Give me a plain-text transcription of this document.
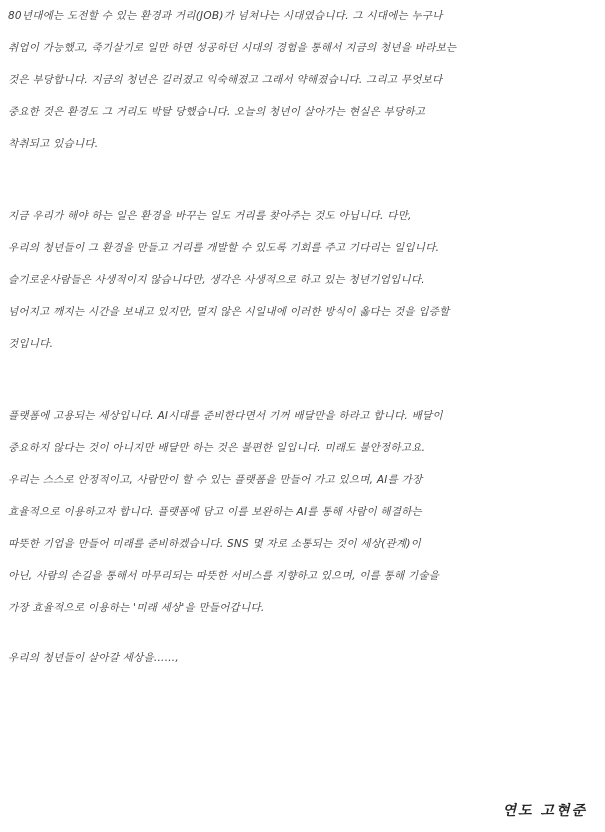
80년대에는 도전할 수 있는 환경과 거리(JOB)가 넘쳐나는 시대였습니다. 그 시대에는 누구나
취업이 가능했고, 죽기살기로 일만 하면 성공하던 시대의 경험을 통해서 지금의 청년을 바라보는
것은 부당합니다. 지금의 청년은 길러졌고 익숙해졌고 그래서 약해졌습니다. 그리고 무엇보다
중요한 것은 환경도 그 거리도 박탈 당했습니다. 오늘의 청년이 살아가는 현실은 부당하고
착취되고 있습니다.
지금 우리가 해야 하는 일은 환경을 바꾸는 일도 거리를 찾아주는 것도 아닙니다. 다만,
우리의 청년들이 그 환경을 만들고 거리를 개발할 수 있도록 기회를 주고 기다리는 일입니다.
슬기로운사람들은 사생적이지 않습니다만, 생각은 사생적으로 하고 있는 청년기업입니다.
넘어지고 깨지는 시간을 보내고 있지만, 멀지 않은 시일내에 이러한 방식이 옳다는 것을 입증할
것입니다.
플랫폼에 고용되는 세상입니다. AI시대를 준비한다면서 기꺼 배달만을 하라고 합니다. 배달이
중요하지 않다는 것이 아니지만 배달만 하는 것은 불편한 일입니다. 미래도 불안정하고요.
우리는 스스로 안정적이고, 사람만이 할 수 있는 플랫폼을 만들어 가고 있으며, AI를 가장
효율적으로 이용하고자 합니다. 플랫폼에 담고 이를 보완하는 AI를 통해 사람이 해결하는
따뜻한 기업을 만들어 미래를 준비하겠습니다. SNS 몇 자로 소통되는 것이 세상(관계)이
아닌, 사람의 손길을 통해서 마무리되는 따뜻한 서비스를 지향하고 있으며, 이를 통해 기술을
가장 효율적으로 이용하는 '미래 세상'을 만들어갑니다.
우리의 청년들이 살아갈 세상을……,
연도 고현준
